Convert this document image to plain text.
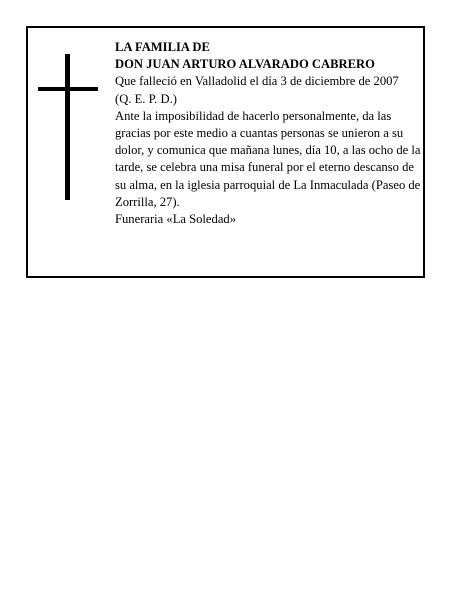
LA FAMILIA DE

DON JUAN ARTURO ALVARADO CABRERO

Que falleció en Valladolid el día 3 de diciembre de 2007

(Q. E. P. D.)

Ante la imposibilidad de hacerlo personalmente, da las gracias por este medio a cuantas personas se unieron a su dolor, y comunica que mañana lunes, día 10, a las ocho de la tarde, se celebra una misa funeral por el eterno descanso de su alma, en la iglesia parroquial de La Inmaculada (Paseo de Zorrilla, 27).

Funeraria «La Soledad»
